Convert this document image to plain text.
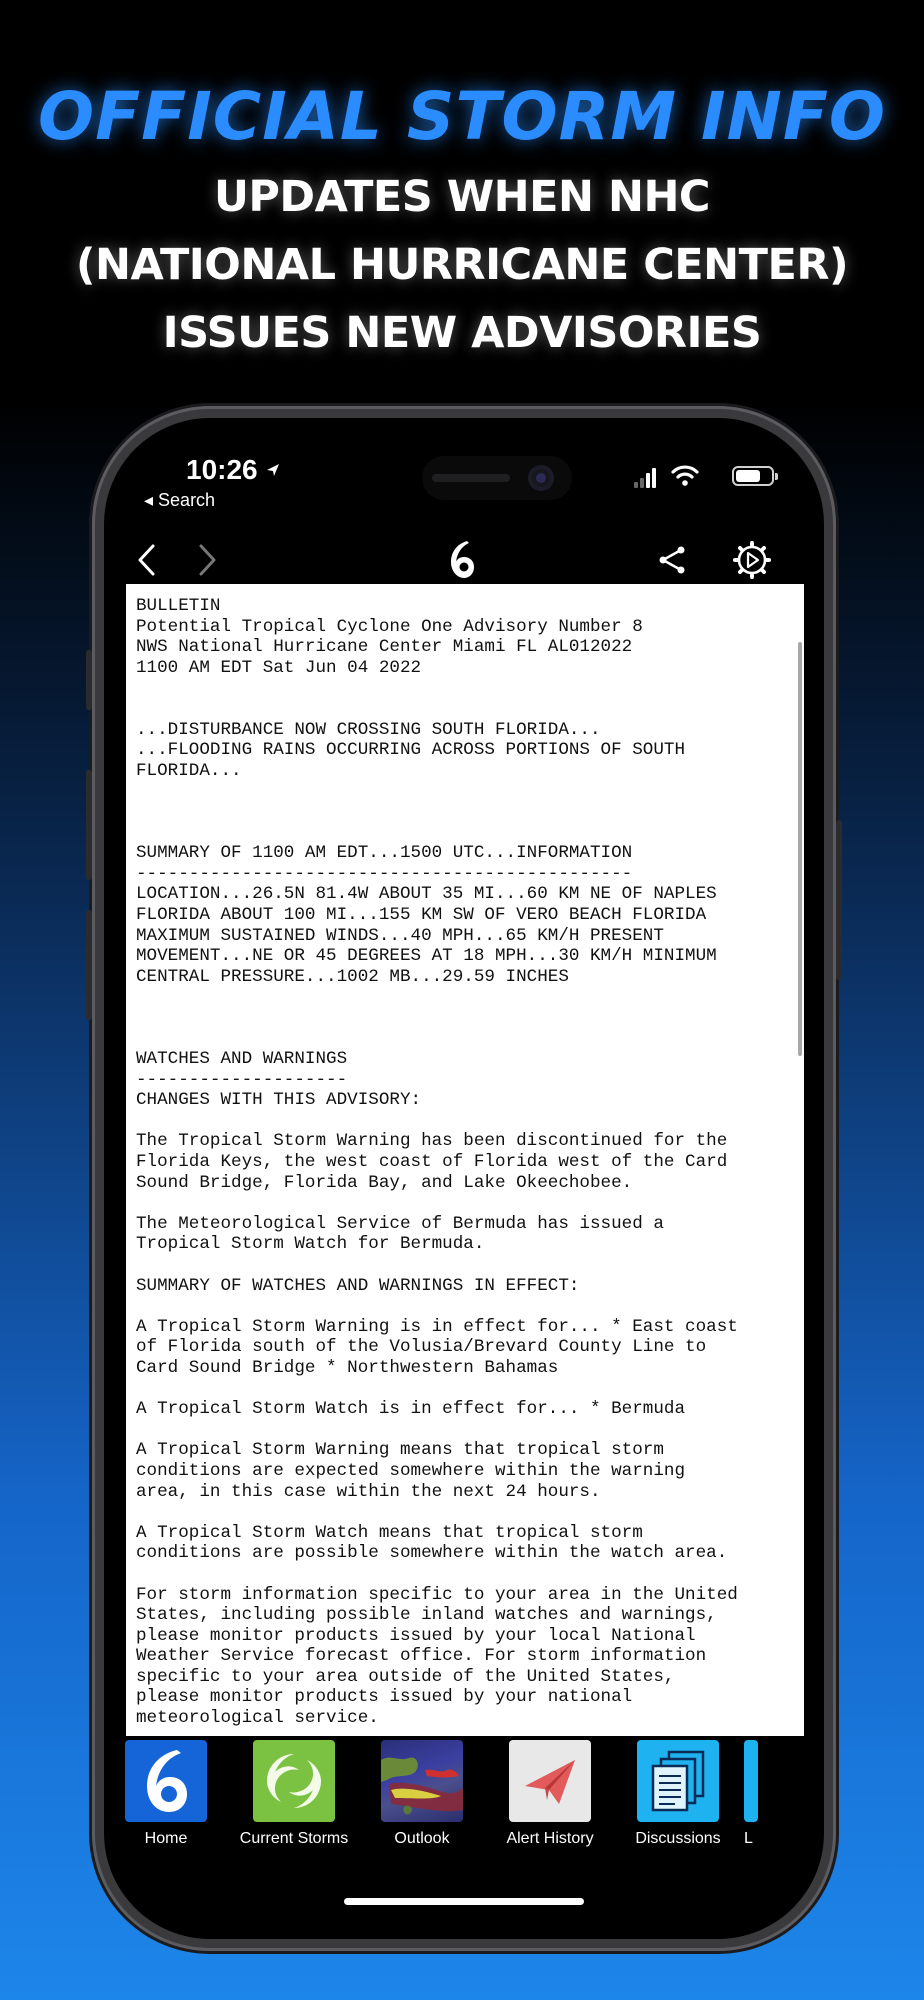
OFFICIAL STORM INFO
UPDATES WHEN NHC
(NATIONAL HURRICANE CENTER)
ISSUES NEW ADVISORIES
10:26
◂ Search
BULLETIN
Potential Tropical Cyclone One Advisory Number 8
NWS National Hurricane Center Miami FL AL012022
1100 AM EDT Sat Jun 04 2022

...DISTURBANCE NOW CROSSING SOUTH FLORIDA...
...FLOODING RAINS OCCURRING ACROSS PORTIONS OF SOUTH
FLORIDA...

SUMMARY OF 1100 AM EDT...1500 UTC...INFORMATION
-----------------------------------------------
LOCATION...26.5N 81.4W ABOUT 35 MI...60 KM NE OF NAPLES
FLORIDA ABOUT 100 MI...155 KM SW OF VERO BEACH FLORIDA
MAXIMUM SUSTAINED WINDS...40 MPH...65 KM/H PRESENT
MOVEMENT...NE OR 45 DEGREES AT 18 MPH...30 KM/H MINIMUM
CENTRAL PRESSURE...1002 MB...29.59 INCHES

WATCHES AND WARNINGS
--------------------
CHANGES WITH THIS ADVISORY:

The Tropical Storm Warning has been discontinued for the
Florida Keys, the west coast of Florida west of the Card
Sound Bridge, Florida Bay, and Lake Okeechobee.

The Meteorological Service of Bermuda has issued a
Tropical Storm Watch for Bermuda.

SUMMARY OF WATCHES AND WARNINGS IN EFFECT:

A Tropical Storm Warning is in effect for... * East coast
of Florida south of the Volusia/Brevard County Line to
Card Sound Bridge * Northwestern Bahamas

A Tropical Storm Watch is in effect for... * Bermuda

A Tropical Storm Warning means that tropical storm
conditions are expected somewhere within the warning
area, in this case within the next 24 hours.

A Tropical Storm Watch means that tropical storm
conditions are possible somewhere within the watch area.

For storm information specific to your area in the United
States, including possible inland watches and warnings,
please monitor products issued by your local National
Weather Service forecast office. For storm information
specific to your area outside of the United States,
please monitor products issued by your national
meteorological service.
Home	Current Storms	Outlook	Alert History	Discussions	L
